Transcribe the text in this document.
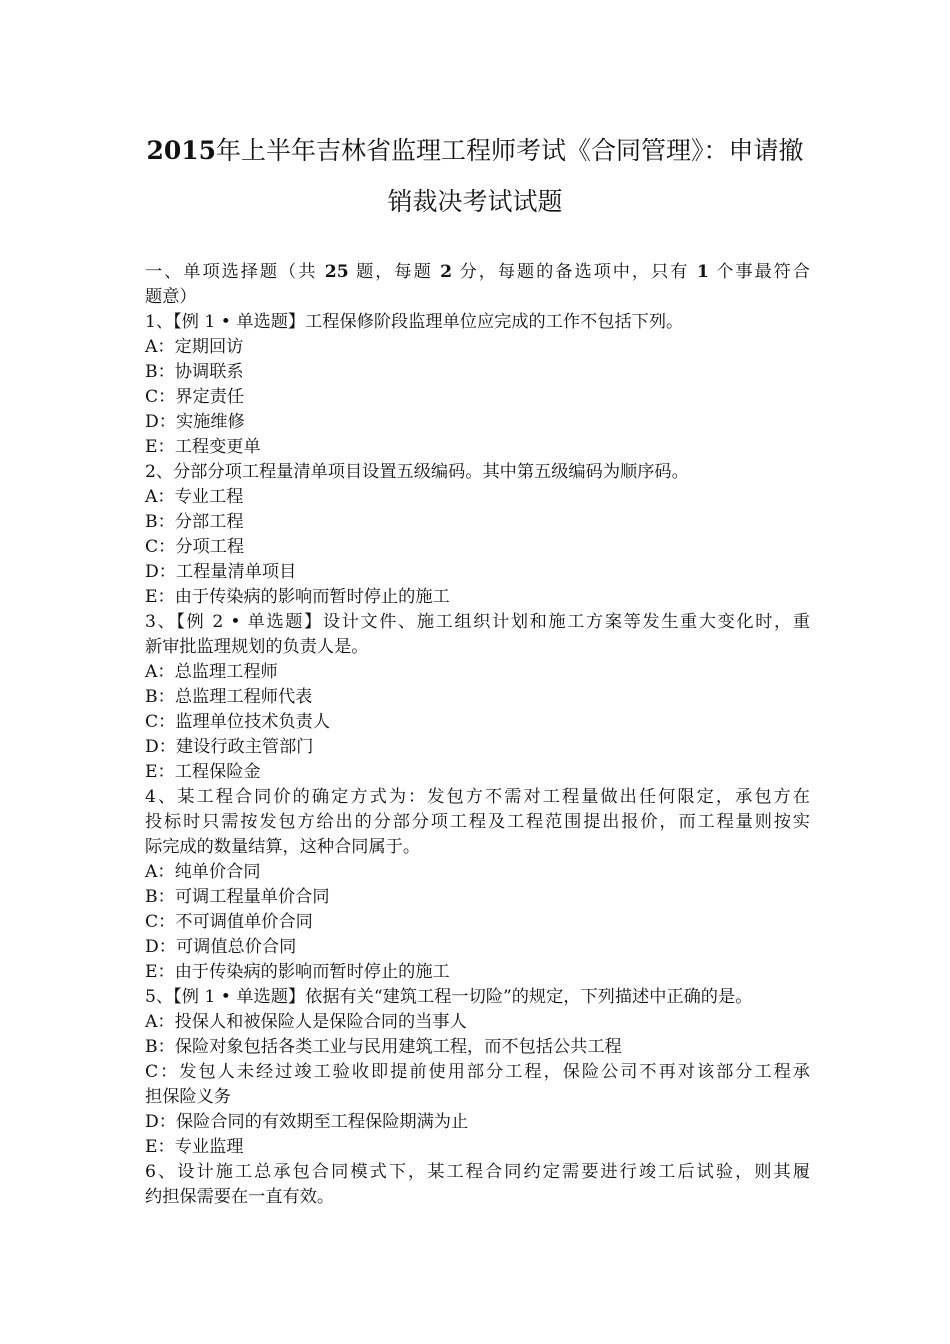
2015年上半年吉林省监理工程师考试《合同管理》：申请撤
销裁决考试试题
一、单项选择题（共 25 题，每题 2 分，每题的备选项中，只有 1 个事最符合
题意）
1、【例 1 • 单选题】工程保修阶段监理单位应完成的工作不包括下列。
A：定期回访
B：协调联系
C：界定责任
D：实施维修
E：工程变更单
2、分部分项工程量清单项目设置五级编码。其中第五级编码为顺序码。
A：专业工程
B：分部工程
C：分项工程
D：工程量清单项目
E：由于传染病的影响而暂时停止的施工
3、【例 2 • 单选题】设计文件、施工组织计划和施工方案等发生重大变化时，重
新审批监理规划的负责人是。
A：总监理工程师
B：总监理工程师代表
C：监理单位技术负责人
D：建设行政主管部门
E：工程保险金
4、某工程合同价的确定方式为：发包方不需对工程量做出任何限定，承包方在
投标时只需按发包方给出的分部分项工程及工程范围提出报价，而工程量则按实
际完成的数量结算，这种合同属于。
A：纯单价合同
B：可调工程量单价合同
C：不可调值单价合同
D：可调值总价合同
E：由于传染病的影响而暂时停止的施工
5、【例 1 • 单选题】依据有关“建筑工程一切险”的规定，下列描述中正确的是。
A：投保人和被保险人是保险合同的当事人
B：保险对象包括各类工业与民用建筑工程，而不包括公共工程
C：发包人未经过竣工验收即提前使用部分工程，保险公司不再对该部分工程承
担保险义务
D：保险合同的有效期至工程保险期满为止
E：专业监理
6、设计施工总承包合同模式下，某工程合同约定需要进行竣工后试验，则其履
约担保需要在一直有效。
